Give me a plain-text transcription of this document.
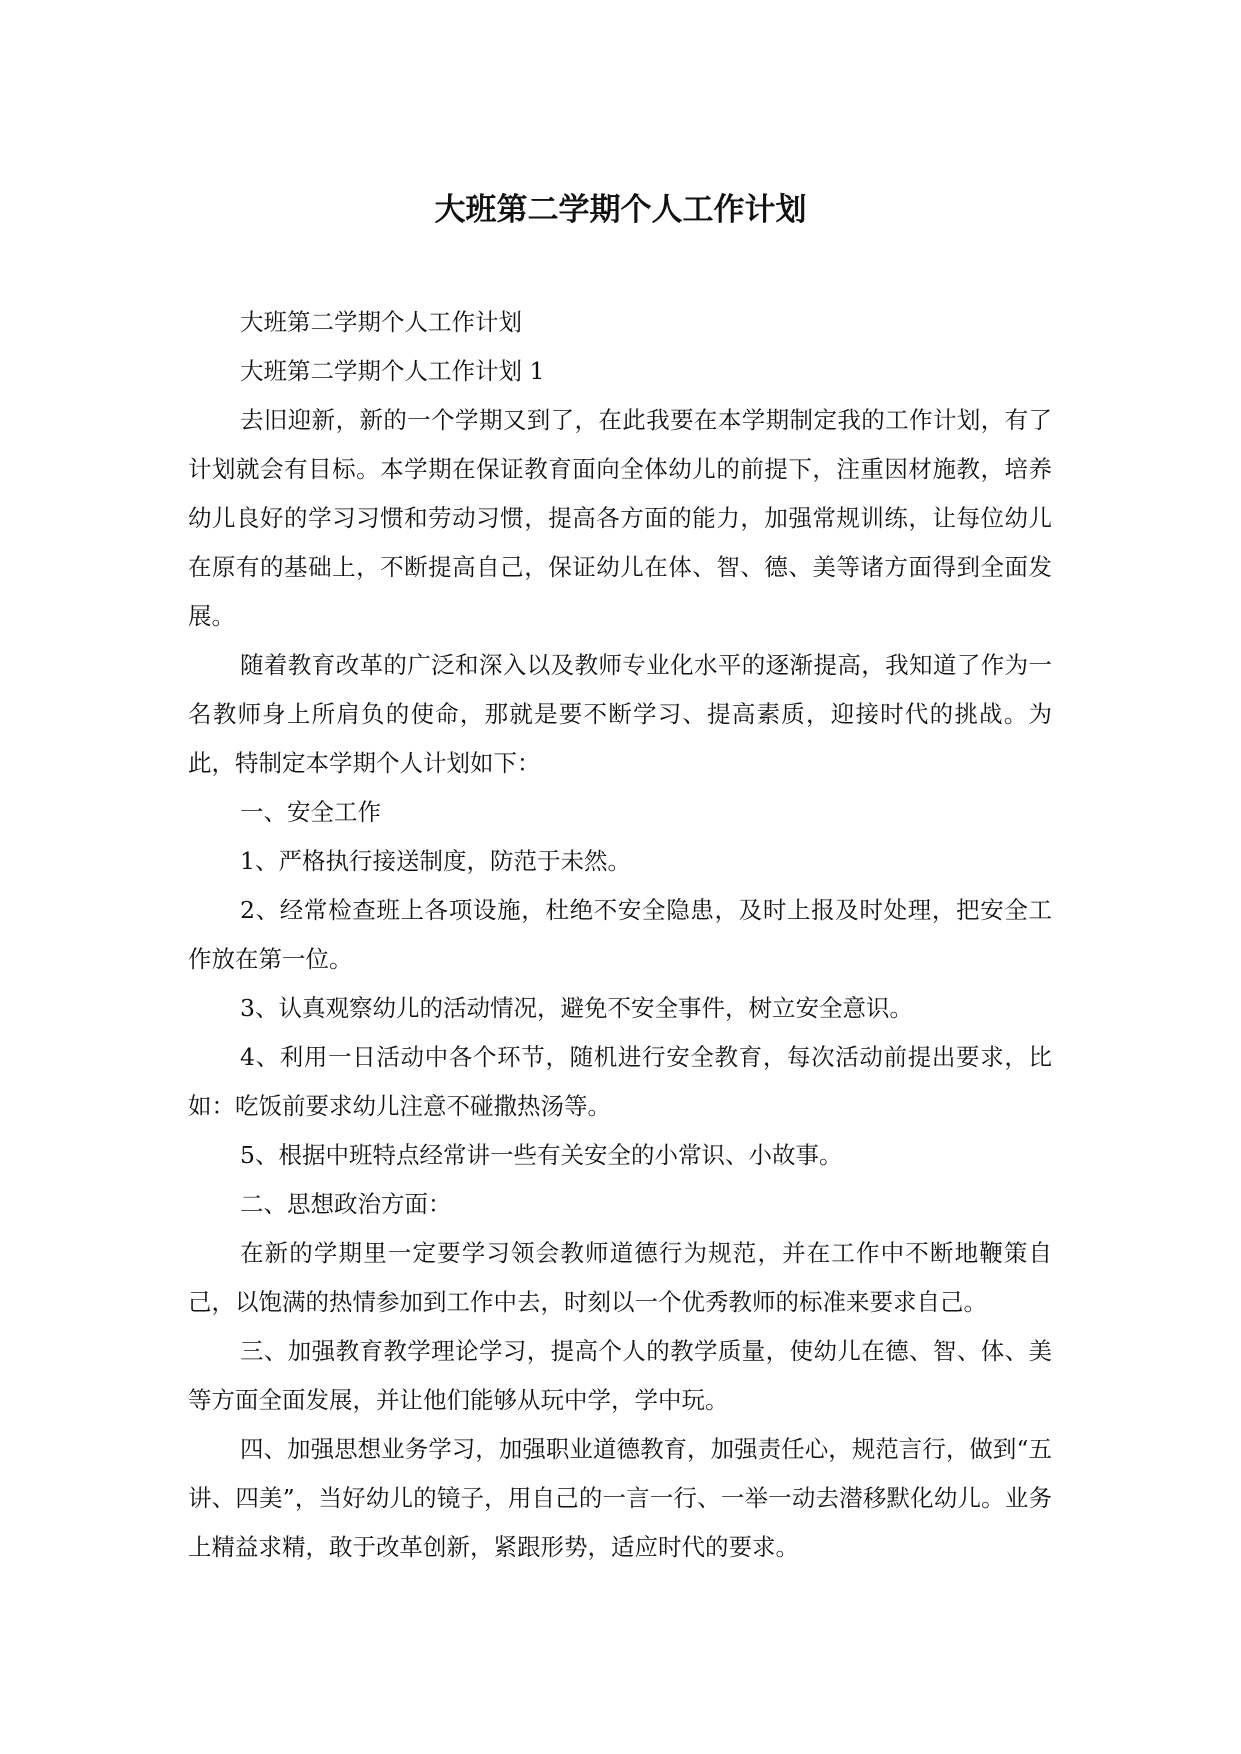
大班第二学期个人工作计划

大班第二学期个人工作计划

大班第二学期个人工作计划 1

去旧迎新，新的一个学期又到了，在此我要在本学期制定我的工作计划，有了计划就会有目标。本学期在保证教育面向全体幼儿的前提下，注重因材施教，培养幼儿良好的学习习惯和劳动习惯，提高各方面的能力，加强常规训练，让每位幼儿在原有的基础上，不断提高自己，保证幼儿在体、智、德、美等诸方面得到全面发展。

随着教育改革的广泛和深入以及教师专业化水平的逐渐提高，我知道了作为一名教师身上所肩负的使命，那就是要不断学习、提高素质，迎接时代的挑战。为此，特制定本学期个人计划如下：

一、安全工作

1、严格执行接送制度，防范于未然。

2、经常检查班上各项设施，杜绝不安全隐患，及时上报及时处理，把安全工作放在第一位。

3、认真观察幼儿的活动情况，避免不安全事件，树立安全意识。

4、利用一日活动中各个环节，随机进行安全教育，每次活动前提出要求，比如：吃饭前要求幼儿注意不碰撒热汤等。

5、根据中班特点经常讲一些有关安全的小常识、小故事。

二、思想政治方面：

在新的学期里一定要学习领会教师道德行为规范，并在工作中不断地鞭策自己，以饱满的热情参加到工作中去，时刻以一个优秀教师的标准来要求自己。

三、加强教育教学理论学习，提高个人的教学质量，使幼儿在德、智、体、美等方面全面发展，并让他们能够从玩中学，学中玩。

四、加强思想业务学习，加强职业道德教育，加强责任心，规范言行，做到“五讲、四美”，当好幼儿的镜子，用自己的一言一行、一举一动去潜移默化幼儿。业务上精益求精，敢于改革创新，紧跟形势，适应时代的要求。
